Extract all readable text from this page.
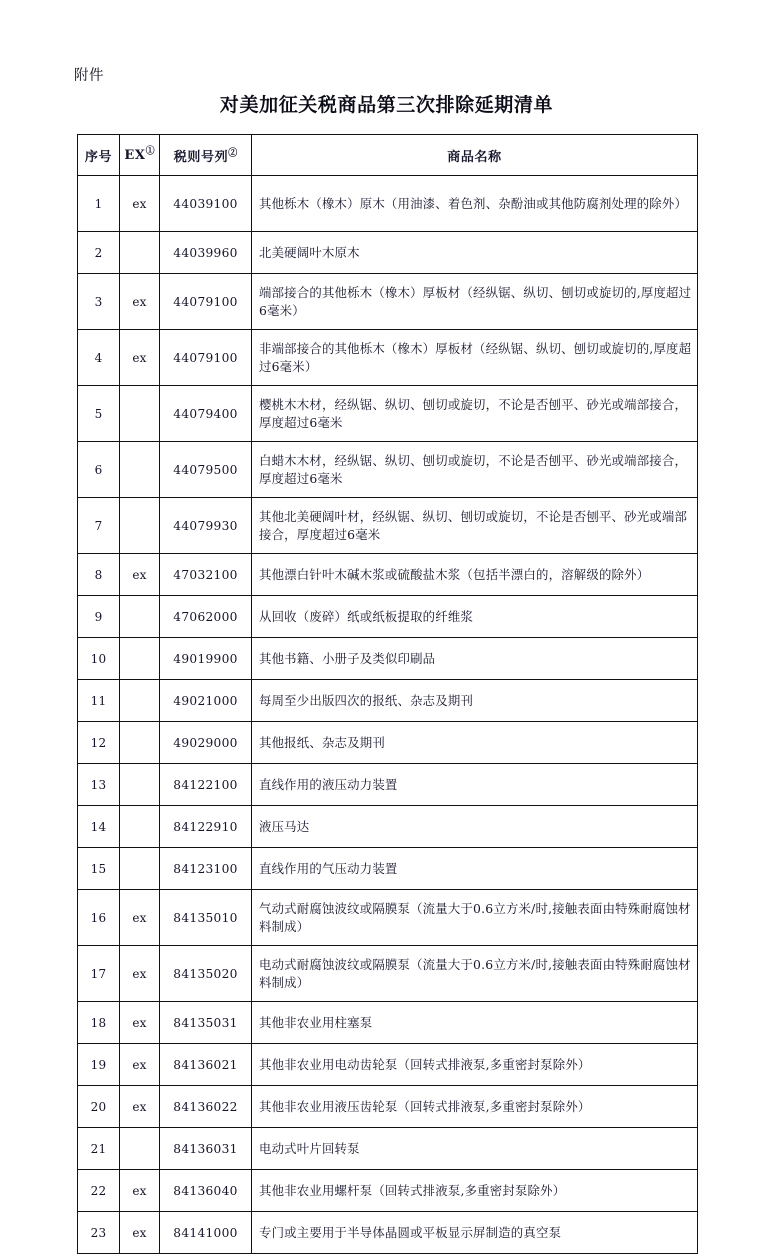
附件
对美加征关税商品第三次排除延期清单
序号	EX①	税则号列②	商品名称
1	ex	44039100	其他栎木（橡木）原木（用油漆、着色剂、杂酚油或其他防腐剂处理的除外）
2		44039960	北美硬阔叶木原木
3	ex	44079100	端部接合的其他栎木（橡木）厚板材（经纵锯、纵切、刨切或旋切的,厚度超过6毫米）
4	ex	44079100	非端部接合的其他栎木（橡木）厚板材（经纵锯、纵切、刨切或旋切的,厚度超过6毫米）
5		44079400	樱桃木木材，经纵锯、纵切、刨切或旋切，不论是否刨平、砂光或端部接合，厚度超过6毫米
6		44079500	白蜡木木材，经纵锯、纵切、刨切或旋切，不论是否刨平、砂光或端部接合，厚度超过6毫米
7		44079930	其他北美硬阔叶材，经纵锯、纵切、刨切或旋切，不论是否刨平、砂光或端部接合，厚度超过6毫米
8	ex	47032100	其他漂白针叶木碱木浆或硫酸盐木浆（包括半漂白的，溶解级的除外）
9		47062000	从回收（废碎）纸或纸板提取的纤维浆
10		49019900	其他书籍、小册子及类似印刷品
11		49021000	每周至少出版四次的报纸、杂志及期刊
12		49029000	其他报纸、杂志及期刊
13		84122100	直线作用的液压动力装置
14		84122910	液压马达
15		84123100	直线作用的气压动力装置
16	ex	84135010	气动式耐腐蚀波纹或隔膜泵（流量大于0.6立方米/时,接触表面由特殊耐腐蚀材料制成）
17	ex	84135020	电动式耐腐蚀波纹或隔膜泵（流量大于0.6立方米/时,接触表面由特殊耐腐蚀材料制成）
18	ex	84135031	其他非农业用柱塞泵
19	ex	84136021	其他非农业用电动齿轮泵（回转式排液泵,多重密封泵除外）
20	ex	84136022	其他非农业用液压齿轮泵（回转式排液泵,多重密封泵除外）
21		84136031	电动式叶片回转泵
22	ex	84136040	其他非农业用螺杆泵（回转式排液泵,多重密封泵除外）
23	ex	84141000	专门或主要用于半导体晶圆或平板显示屏制造的真空泵
